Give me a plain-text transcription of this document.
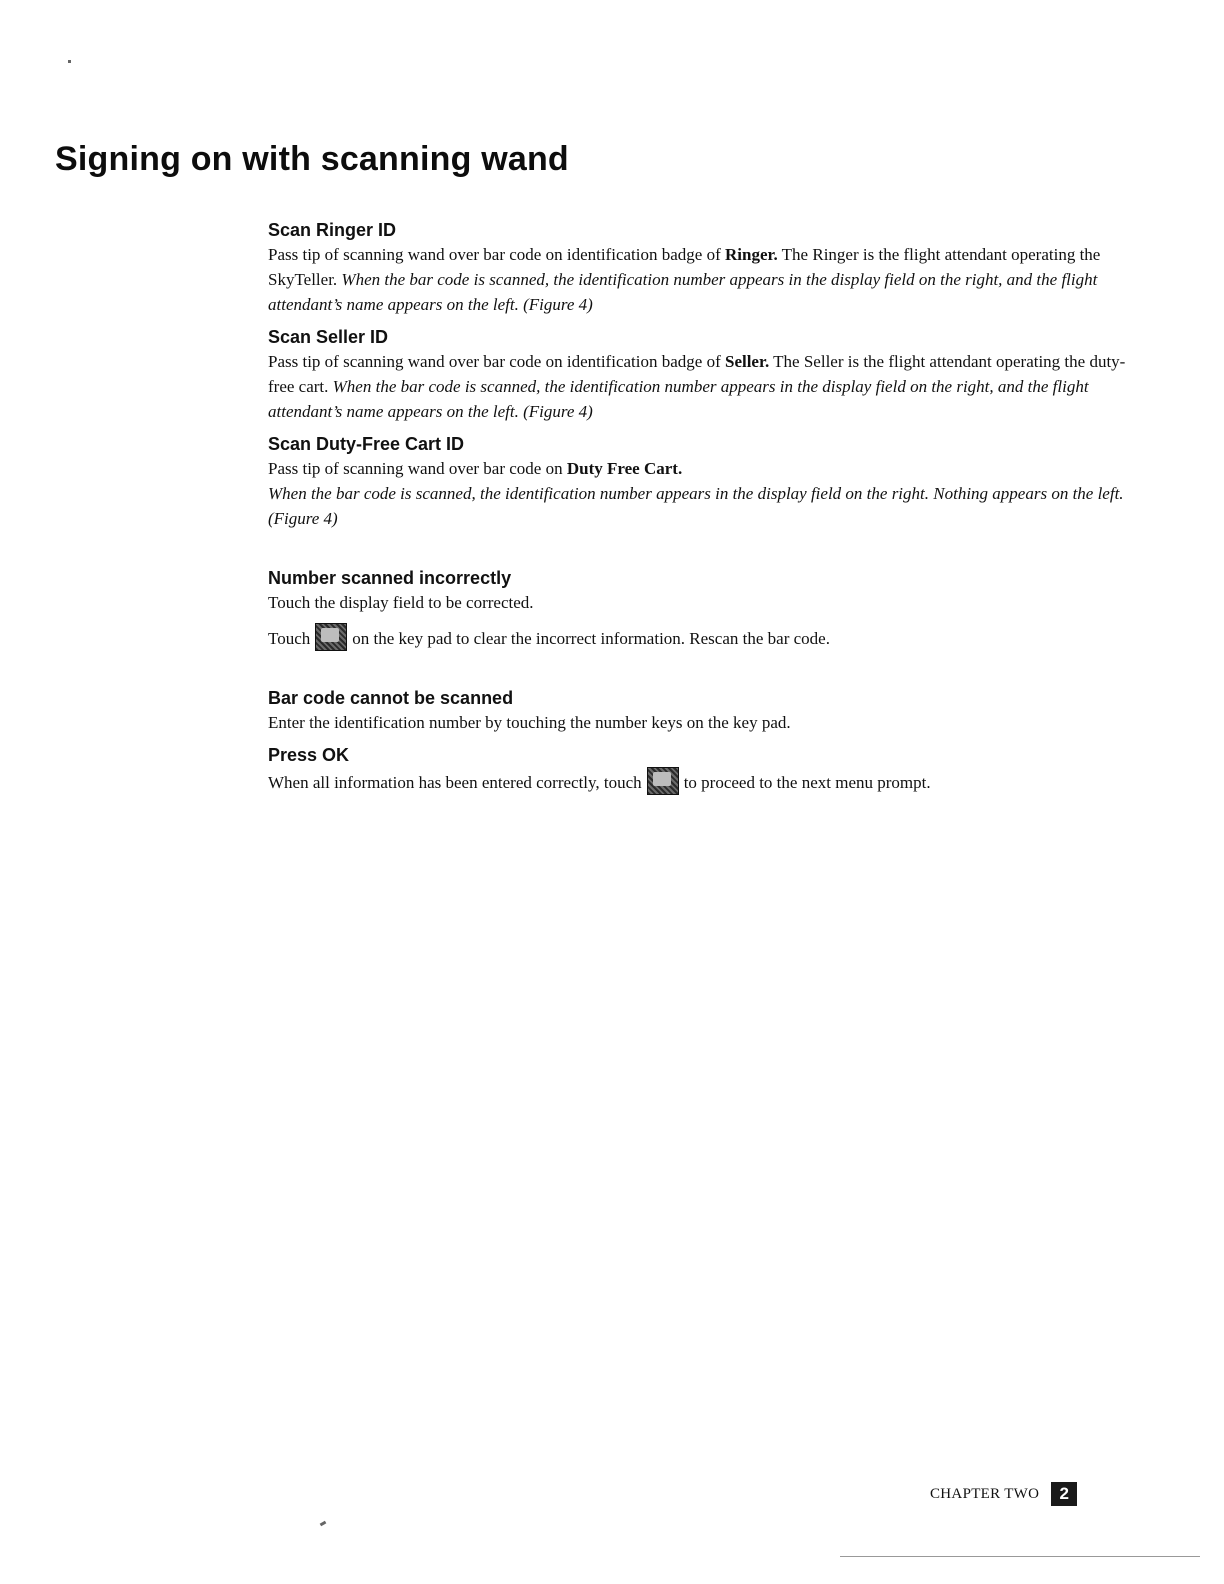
Signing on with scanning wand
Scan Ringer ID

Pass tip of scanning wand over bar code on identification badge of Ringer. The Ringer is the flight attendant operating the SkyTeller. When the bar code is scanned, the identification number appears in the display field on the right, and the flight attendant’s name appears on the left. (Figure 4)

Scan Seller ID

Pass tip of scanning wand over bar code on identification badge of Seller. The Seller is the flight attendant operating the duty-free cart. When the bar code is scanned, the identification number appears in the display field on the right, and the flight attendant’s name appears on the left. (Figure 4)

Scan Duty-Free Cart ID

Pass tip of scanning wand over bar code on Duty Free Cart.

When the bar code is scanned, the identification number appears in the display field on the right. Nothing appears on the left. (Figure 4)

Number scanned incorrectly

Touch the display field to be corrected.

Touch on the key pad to clear the incorrect information. Rescan the bar code.

Bar code cannot be scanned

Enter the identification number by touching the number keys on the key pad.

Press OK

When all information has been entered correctly, touch to proceed to the next menu prompt.

CHAPTER TWO	2
